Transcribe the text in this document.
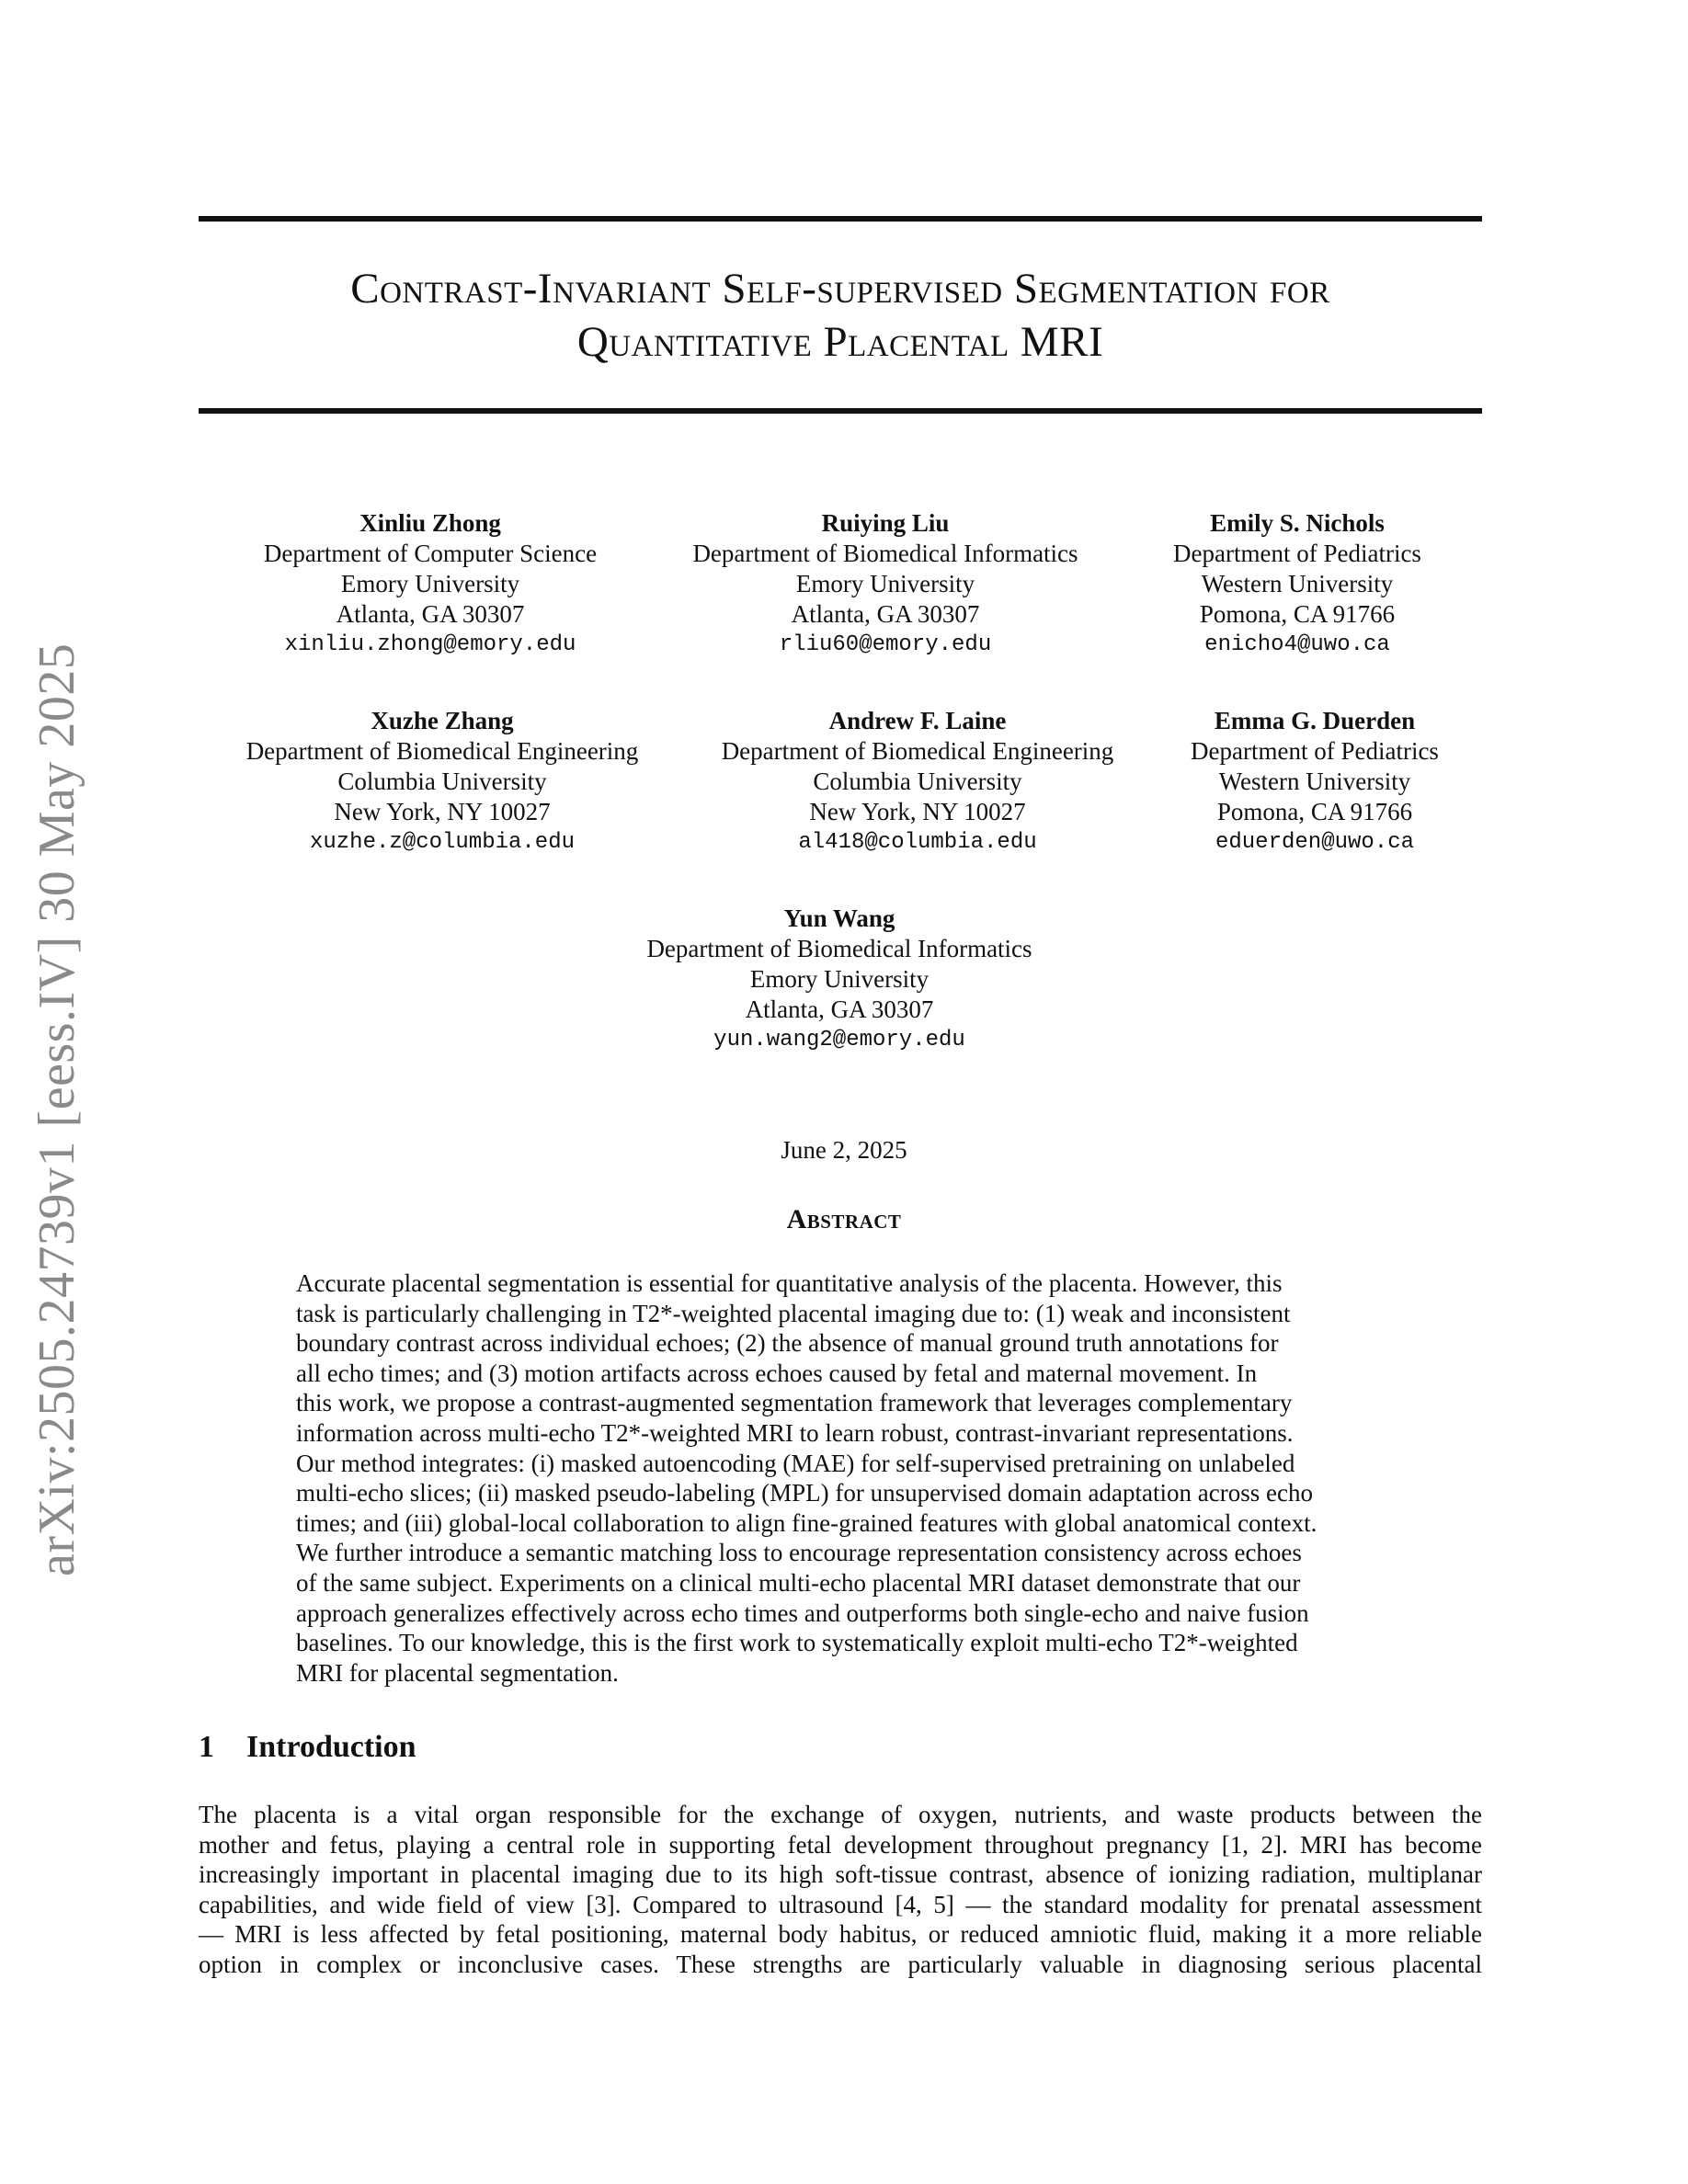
Contrast-Invariant Self-supervised Segmentation for
Quantitative Placental MRI
arXiv:2505.24739v1 [eess.IV] 30 May 2025
Xinliu Zhong
Department of Computer Science
Emory University
Atlanta, GA 30307
xinliu.zhong@emory.edu
Ruiying Liu
Department of Biomedical Informatics
Emory University
Atlanta, GA 30307
rliu60@emory.edu
Emily S. Nichols
Department of Pediatrics
Western University
Pomona, CA 91766
enicho4@uwo.ca
Xuzhe Zhang
Department of Biomedical Engineering
Columbia University
New York, NY 10027
xuzhe.z@columbia.edu
Andrew F. Laine
Department of Biomedical Engineering
Columbia University
New York, NY 10027
al418@columbia.edu
Emma G. Duerden
Department of Pediatrics
Western University
Pomona, CA 91766
eduerden@uwo.ca
Yun Wang
Department of Biomedical Informatics
Emory University
Atlanta, GA 30307
yun.wang2@emory.edu
June 2, 2025
Abstract
Accurate placental segmentation is essential for quantitative analysis of the placenta. However, this
task is particularly challenging in T2*-weighted placental imaging due to: (1) weak and inconsistent
boundary contrast across individual echoes; (2) the absence of manual ground truth annotations for
all echo times; and (3) motion artifacts across echoes caused by fetal and maternal movement. In
this work, we propose a contrast-augmented segmentation framework that leverages complementary
information across multi-echo T2*-weighted MRI to learn robust, contrast-invariant representations.
Our method integrates: (i) masked autoencoding (MAE) for self-supervised pretraining on unlabeled
multi-echo slices; (ii) masked pseudo-labeling (MPL) for unsupervised domain adaptation across echo
times; and (iii) global-local collaboration to align fine-grained features with global anatomical context.
We further introduce a semantic matching loss to encourage representation consistency across echoes
of the same subject. Experiments on a clinical multi-echo placental MRI dataset demonstrate that our
approach generalizes effectively across echo times and outperforms both single-echo and naive fusion
baselines. To our knowledge, this is the first work to systematically exploit multi-echo T2*-weighted
MRI for placental segmentation.
1 Introduction
The placenta is a vital organ responsible for the exchange of oxygen, nutrients, and waste products between the
mother and fetus, playing a central role in supporting fetal development throughout pregnancy [1, 2]. MRI has become
increasingly important in placental imaging due to its high soft-tissue contrast, absence of ionizing radiation, multiplanar
capabilities, and wide field of view [3]. Compared to ultrasound [4, 5] — the standard modality for prenatal assessment
— MRI is less affected by fetal positioning, maternal body habitus, or reduced amniotic fluid, making it a more reliable
option in complex or inconclusive cases. These strengths are particularly valuable in diagnosing serious placental
